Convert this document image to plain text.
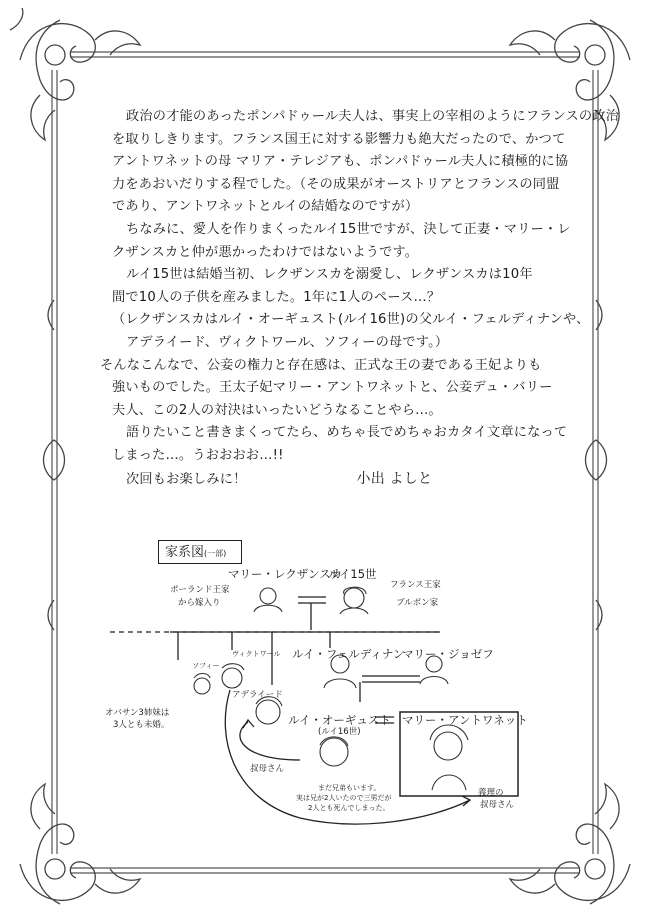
政治の才能のあったポンパドゥール夫人は、事実上の宰相のようにフランスの政治
を取りしきります。フランス国王に対する影響力も絶大だったので、かつて
アントワネットの母 マリア・テレジアも、ポンパドゥール夫人に積極的に協
力をあおいだりする程でした。（その成果がオーストリアとフランスの同盟
であり、アントワネットとルイの結婚なのですが）
ちなみに、愛人を作りまくったルイ15世ですが、決して正妻・マリー・レ
クザンスカと仲が悪かったわけではないようです。
ルイ15世は結婚当初、レクザンスカを溺愛し、レクザンスカは10年
間で10人の子供を産みました。1年に1人のペース…？
（レクザンスカはルイ・オーギュスト(ルイ16世)の父ルイ・フェルディナンや、
アデライード、ヴィクトワール、ソフィーの母です。）
そんなこんなで、公妾の権力と存在感は、正式な王の妻である王妃よりも
強いものでした。王太子妃マリー・アントワネットと、公妾デュ・バリー
夫人、この2人の対決はいったいどうなることやら…。
語りたいこと書きまくってたら、めちゃ長でめちゃおカタイ文章になって
しまった…。うおおおお…!!
次回もお楽しみに！	小出 よしと
家系図(一部)
マリー・レクザンスカ
ルイ15世
ポーランド王家
から嫁入り
フランス王家
ブルボン家
ソフィー
ヴィクトワール
アデライード
オバサン3姉妹は
3人とも未婚。
ルイ・フェルディナン
マリー・ジョゼフ
ルイ・オーギュスト
(ルイ16世)
マリー・アントワネット
叔母さん
義理の
叔母さん
まだ兄弟もいます。
実は兄が2人いたので三男だが
2人とも死んでしまった。
